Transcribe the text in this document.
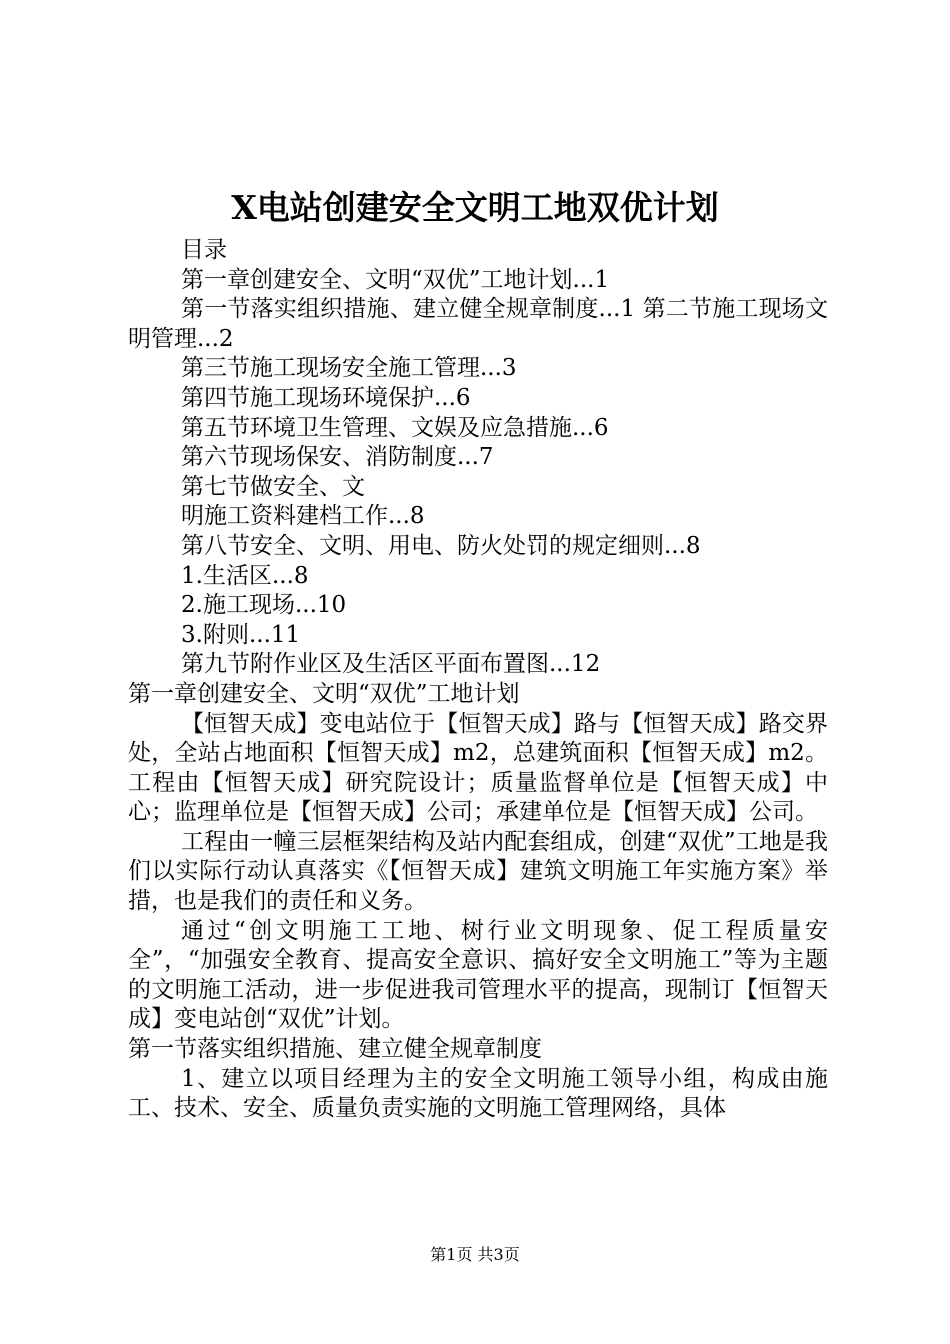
X电站创建安全文明工地双优计划

目录

第一章创建安全、文明“双优”工地计划...1

第一节落实组织措施、建立健全规章制度...1 第二节施工现场文明管理...2

第三节施工现场安全施工管理...3

第四节施工现场环境保护...6

第五节环境卫生管理、文娱及应急措施...6

第六节现场保安、消防制度...7

第七节做安全、文

明施工资料建档工作...8

第八节安全、文明、用电、防火处罚的规定细则...8

1.生活区...8

2.施工现场...10

3.附则...11

第九节附作业区及生活区平面布置图...12

第一章创建安全、文明“双优”工地计划

【恒智天成】变电站位于【恒智天成】路与【恒智天成】路交界处，全站占地面积【恒智天成】m2，总建筑面积【恒智天成】m2。工程由【恒智天成】研究院设计；质量监督单位是【恒智天成】中心；监理单位是【恒智天成】公司；承建单位是【恒智天成】公司。

工程由一幢三层框架结构及站内配套组成，创建“双优”工地是我们以实际行动认真落实《【恒智天成】建筑文明施工年实施方案》举措，也是我们的责任和义务。

通过“创文明施工工地、树行业文明现象、促工程质量安全”，“加强安全教育、提高安全意识、搞好安全文明施工”等为主题的文明施工活动，进一步促进我司管理水平的提高，现制订【恒智天成】变电站创“双优”计划。

第一节落实组织措施、建立健全规章制度

1、建立以项目经理为主的安全文明施工领导小组，构成由施工、技术、安全、质量负责实施的文明施工管理网络，具体

第1页 共3页
